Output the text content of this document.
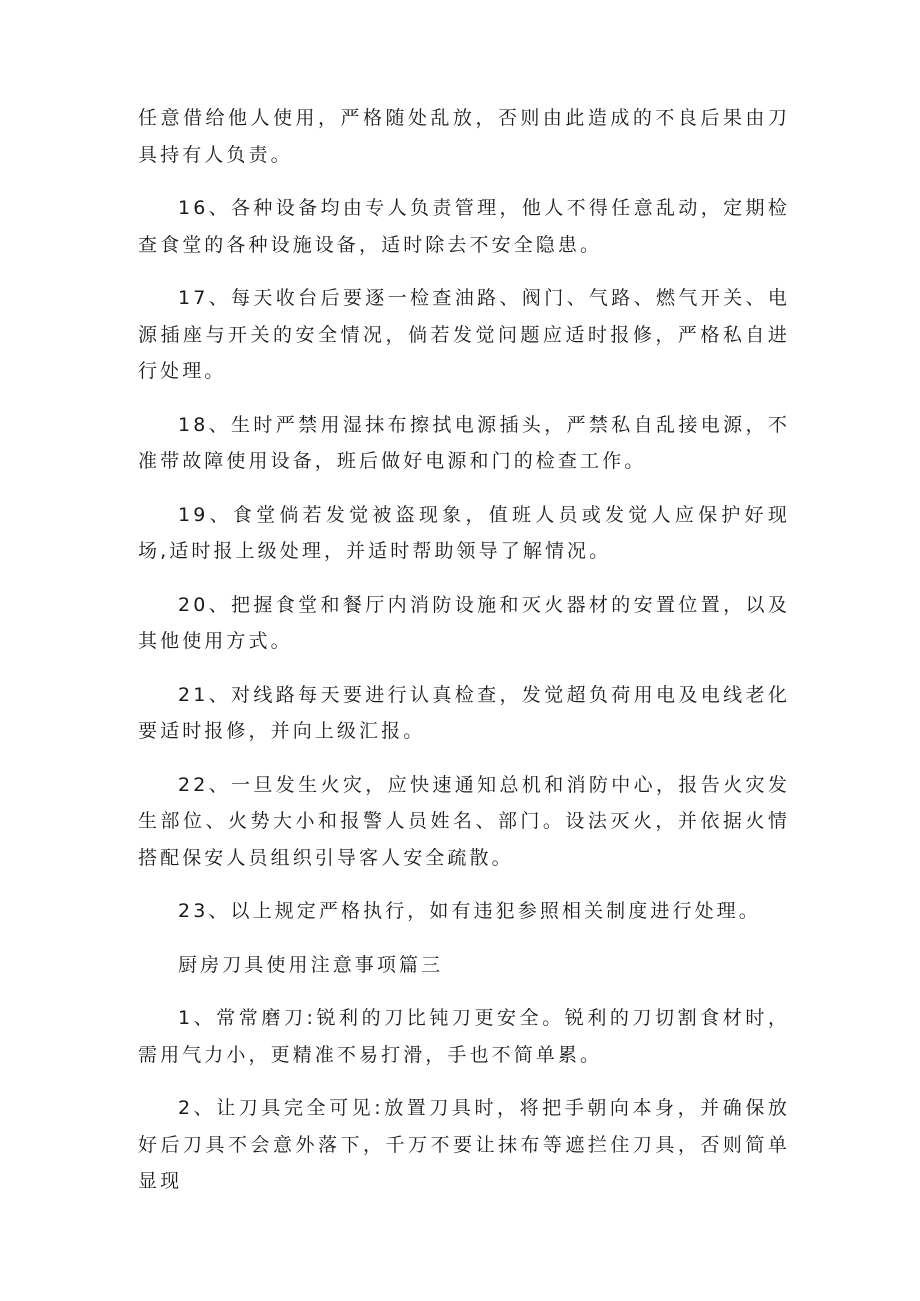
任意借给他人使用，严格随处乱放，否则由此造成的不良后果由刀具持有人负责。

16、各种设备均由专人负责管理，他人不得任意乱动，定期检查食堂的各种设施设备，适时除去不安全隐患。

17、每天收台后要逐一检查油路、阀门、气路、燃气开关、电源插座与开关的安全情况，倘若发觉问题应适时报修，严格私自进行处理。

18、生时严禁用湿抹布擦拭电源插头，严禁私自乱接电源，不准带故障使用设备，班后做好电源和门的检查工作。

19、食堂倘若发觉被盗现象，值班人员或发觉人应保护好现场,适时报上级处理，并适时帮助领导了解情况。

20、把握食堂和餐厅内消防设施和灭火器材的安置位置，以及其他使用方式。

21、对线路每天要进行认真检查，发觉超负荷用电及电线老化要适时报修，并向上级汇报。

22、一旦发生火灾，应快速通知总机和消防中心，报告火灾发生部位、火势大小和报警人员姓名、部门。设法灭火，并依据火情搭配保安人员组织引导客人安全疏散。

23、以上规定严格执行，如有违犯参照相关制度进行处理。

厨房刀具使用注意事项篇三

1、常常磨刀:锐利的刀比钝刀更安全。锐利的刀切割食材时，需用气力小，更精准不易打滑，手也不简单累。

2、让刀具完全可见:放置刀具时，将把手朝向本身，并确保放好后刀具不会意外落下，千万不要让抹布等遮拦住刀具，否则简单显现
